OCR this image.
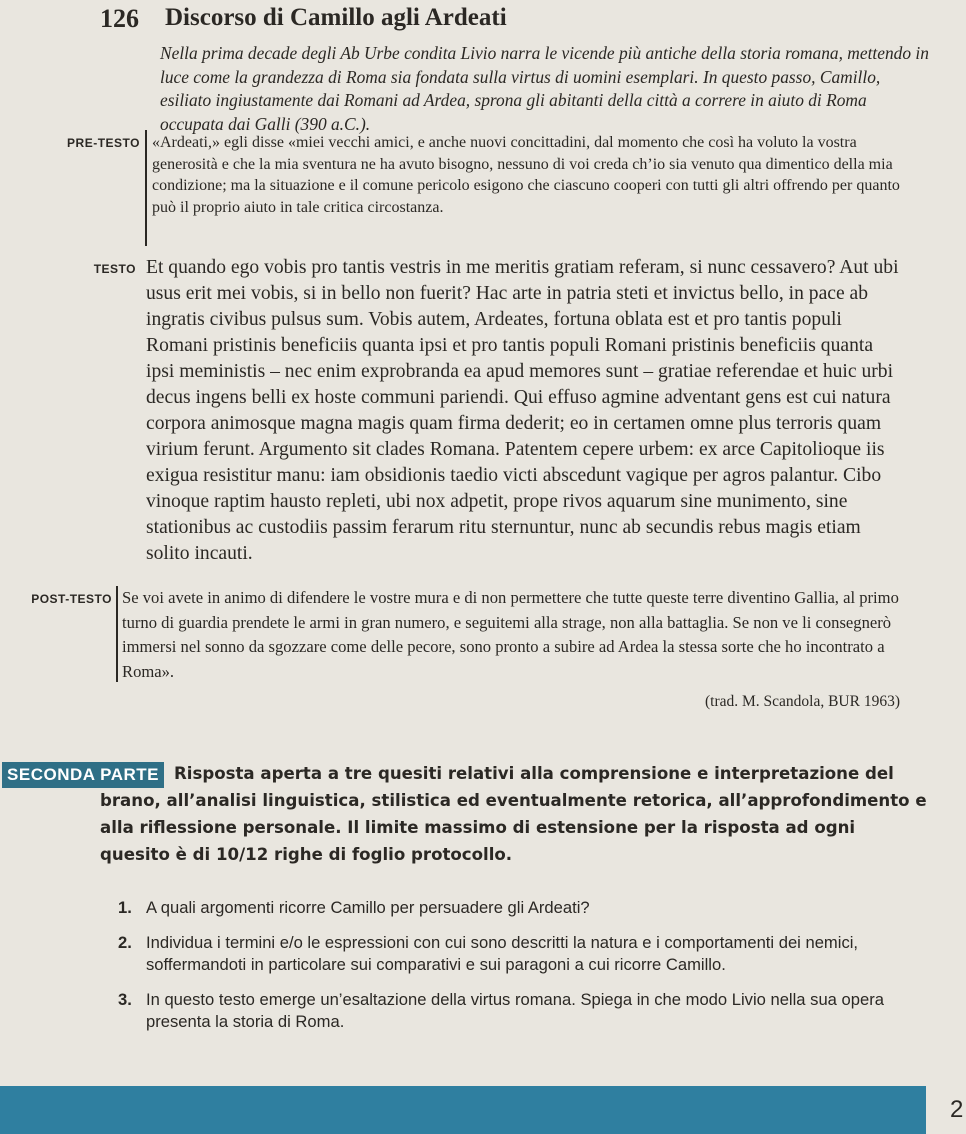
126 Discorso di Camillo agli Ardeati
Nella prima decade degli Ab Urbe condita Livio narra le vicende più antiche della storia romana, mettendo in luce come la grandezza di Roma sia fondata sulla virtus di uomini esemplari. In questo passo, Camillo, esiliato ingiustamente dai Romani ad Ardea, sprona gli abitanti della città a correre in aiuto di Roma occupata dai Galli (390 a.C.).
PRE-TESTO «Ardeati,» egli disse «miei vecchi amici, e anche nuovi concittadini, dal momento che così ha voluto la vostra generosità e che la mia sventura ne ha avuto bisogno, nessuno di voi creda ch’io sia venuto qua dimentico della mia condizione; ma la situazione e il comune pericolo esigono che ciascuno cooperi con tutti gli altri offrendo per quanto può il proprio aiuto in tale critica circostanza.
TESTO Et quando ego vobis pro tantis vestris in me meritis gratiam referam, si nunc cessavero? Aut ubi usus erit mei vobis, si in bello non fuerit? Hac arte in patria steti et invictus bello, in pace ab ingratis civibus pulsus sum. Vobis autem, Ardeates, fortuna oblata est et pro tantis populi Romani pristinis beneficiis quanta ipsi et pro tantis populi Romani pristinis beneficiis quanta ipsi meministis – nec enim exprobranda ea apud memores sunt – gratiae referendae et huic urbi decus ingens belli ex hoste communi pariendi. Qui effuso agmine adventant gens est cui natura corpora animosque magna magis quam firma dederit; eo in certamen omne plus terroris quam virium ferunt. Argumento sit clades Romana. Patentem cepere urbem: ex arce Capitolioque iis exigua resistitur manu: iam obsidionis taedio victi abscedunt vagique per agros palantur. Cibo vinoque raptim hausto repleti, ubi nox adpetit, prope rivos aquarum sine munimento, sine stationibus ac custodiis passim ferarum ritu sternuntur, nunc ab secundis rebus magis etiam solito incauti.
POST-TESTO Se voi avete in animo di difendere le vostre mura e di non permettere che tutte queste terre diventino Gallia, al primo turno di guardia prendete le armi in gran numero, e seguitemi alla strage, non alla battaglia. Se non ve li consegnerò immersi nel sonno da sgozzare come delle pecore, sono pronto a subire ad Ardea la stessa sorte che ho incontrato a Roma».
(trad. M. Scandola, BUR 1963)
SECONDA PARTE Risposta aperta a tre quesiti relativi alla comprensione e interpretazione del brano, all’analisi linguistica, stilistica ed eventualmente retorica, all’approfondimento e alla riflessione personale. Il limite massimo di estensione per la risposta ad ogni quesito è di 10/12 righe di foglio protocollo.
1. A quali argomenti ricorre Camillo per persuadere gli Ardeati?
2. Individua i termini e/o le espressioni con cui sono descritti la natura e i comportamenti dei nemici, soffermandoti in particolare sui comparativi e sui paragoni a cui ricorre Camillo.
3. In questo testo emerge un’esaltazione della virtus romana. Spiega in che modo Livio nella sua opera presenta la storia di Roma.
2
